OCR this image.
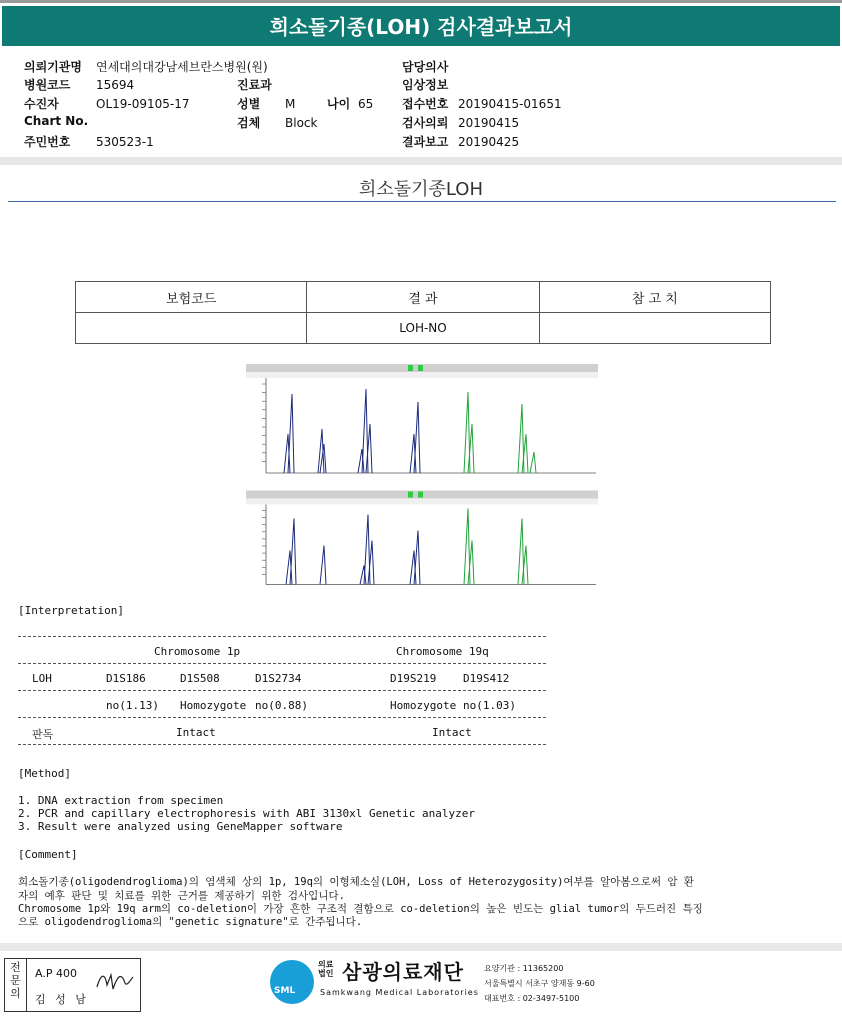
희소돌기종(LOH) 검사결과보고서
의뢰기관명 연세대의대강남세브란스병원(원)
병원코드 15694
수진자	OL19-09105-17
Chart No.
주민번호 530523-1
진료과
성별 M
검체 Block
담당의사
임상정보
접수번호 20190415-01651
검사의뢰 20190415
결과보고 20190425
나이 65
희소돌기종LOH
보험코드	결 과	참 고 치
	LOH-NO	
[Interpretation]
Chromosome 1p	Chromosome 19q
LOH	D1S186	D1S508	D1S2734	D19S219 D19S412
no(1.13) Homozygote no(0.88)	Homozygote no(1.03)
판독	Intact	Intact
[Method]
1. DNA extraction from specimen
2. PCR and capillary electrophoresis with ABI 3130xl Genetic analyzer
3. Result were analyzed using GeneMapper software
[Comment]
희소돌기종(oligodendroglioma)의 염색체 상의 1p, 19q의 이형체소실(LOH, Loss of Heterozygosity)여부를 알아봄으로써 암 환
자의 예후 판단 및 치료를 위한 근거를 제공하기 위한 검사입니다.
Chromosome 1p와 19q arm의 co-deletion이 가장 흔한 구조적 결함으로 co-deletion의 높은 빈도는 glial tumor의 두드러진 특징
으로 oligodendroglioma의 "genetic signature"로 간주됩니다.
전문의
A.P 400
김 성 남
SML
의료
법인 삼광의료재단
Samkwang Medical Laboratories
요양기관 : 11365200
서울특별시 서초구 양재동 9-60
대표번호 : 02-3497-5100
